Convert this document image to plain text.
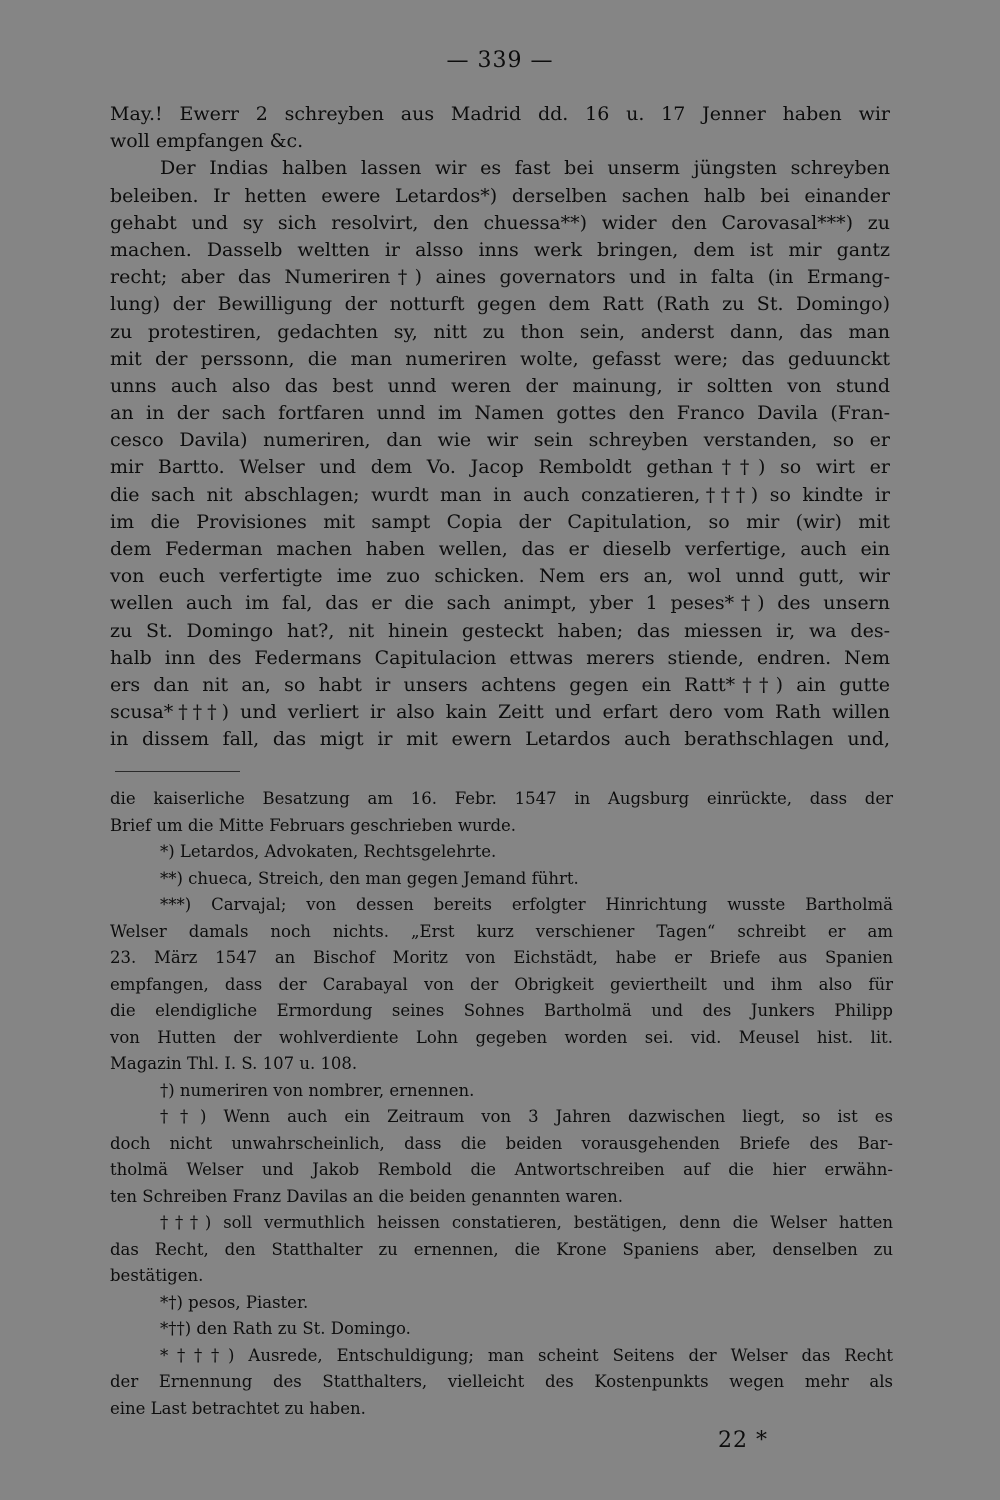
— 339 —
May.! Ewerr 2 schreyben aus Madrid dd. 16 u. 17 Jenner haben wir
woll empfangen &c.
Der Indias halben lassen wir es fast bei unserm jüngsten schreyben
beleiben. Ir hetten ewere Letardos*) derselben sachen halb bei einander
gehabt und sy sich resolvirt, den chuessa**) wider den Carovasal***) zu
machen. Dasselb weltten ir alsso inns werk bringen, dem ist mir gantz
recht; aber das Numeriren†) aines governators und in falta (in Ermang-
lung) der Bewilligung der notturft gegen dem Ratt (Rath zu St. Domingo)
zu protestiren, gedachten sy, nitt zu thon sein, anderst dann, das man
mit der perssonn, die man numeriren wolte, gefasst were; das geduunckt
unns auch also das best unnd weren der mainung, ir soltten von stund
an in der sach fortfaren unnd im Namen gottes den Franco Davila (Fran-
cesco Davila) numeriren, dan wie wir sein schreyben verstanden, so er
mir Bartto. Welser und dem Vo. Jacop Remboldt gethan††) so wirt er
die sach nit abschlagen; wurdt man in auch conzatieren,†††) so kindte ir
im die Provisiones mit sampt Copia der Capitulation, so mir (wir) mit
dem Federman machen haben wellen, das er dieselb verfertige, auch ein
von euch verfertigte ime zuo schicken. Nem ers an, wol unnd gutt, wir
wellen auch im fal, das er die sach animpt, yber 1 peses*†) des unsern
zu St. Domingo hat?, nit hinein gesteckt haben; das miessen ir, wa des-
halb inn des Federmans Capitulacion ettwas merers stiende, endren. Nem
ers dan nit an, so habt ir unsers achtens gegen ein Ratt*††) ain gutte
scusa*†††) und verliert ir also kain Zeitt und erfart dero vom Rath willen
in dissem fall, das migt ir mit ewern Letardos auch berathschlagen und,
die kaiserliche Besatzung am 16. Febr. 1547 in Augsburg einrückte, dass der
Brief um die Mitte Februars geschrieben wurde.
*) Letardos, Advokaten, Rechtsgelehrte.
**) chueca, Streich, den man gegen Jemand führt.
***) Carvajal; von dessen bereits erfolgter Hinrichtung wusste Bartholmä
Welser damals noch nichts. „Erst kurz verschiener Tagen“ schreibt er am
23. März 1547 an Bischof Moritz von Eichstädt, habe er Briefe aus Spanien
empfangen, dass der Carabayal von der Obrigkeit geviertheilt und ihm also für
die elendigliche Ermordung seines Sohnes Bartholmä und des Junkers Philipp
von Hutten der wohlverdiente Lohn gegeben worden sei. vid. Meusel hist. lit.
Magazin Thl. I. S. 107 u. 108.
†) numeriren von nombrer, ernennen.
††) Wenn auch ein Zeitraum von 3 Jahren dazwischen liegt, so ist es
doch nicht unwahrscheinlich, dass die beiden vorausgehenden Briefe des Bar-
tholmä Welser und Jakob Rembold die Antwortschreiben auf die hier erwähn-
ten Schreiben Franz Davilas an die beiden genannten waren.
†††) soll vermuthlich heissen constatieren, bestätigen, denn die Welser hatten
das Recht, den Statthalter zu ernennen, die Krone Spaniens aber, denselben zu
bestätigen.
*†) pesos, Piaster.
*††) den Rath zu St. Domingo.
*†††) Ausrede, Entschuldigung; man scheint Seitens der Welser das Recht
der Ernennung des Statthalters, vielleicht des Kostenpunkts wegen mehr als
eine Last betrachtet zu haben.
22 *
